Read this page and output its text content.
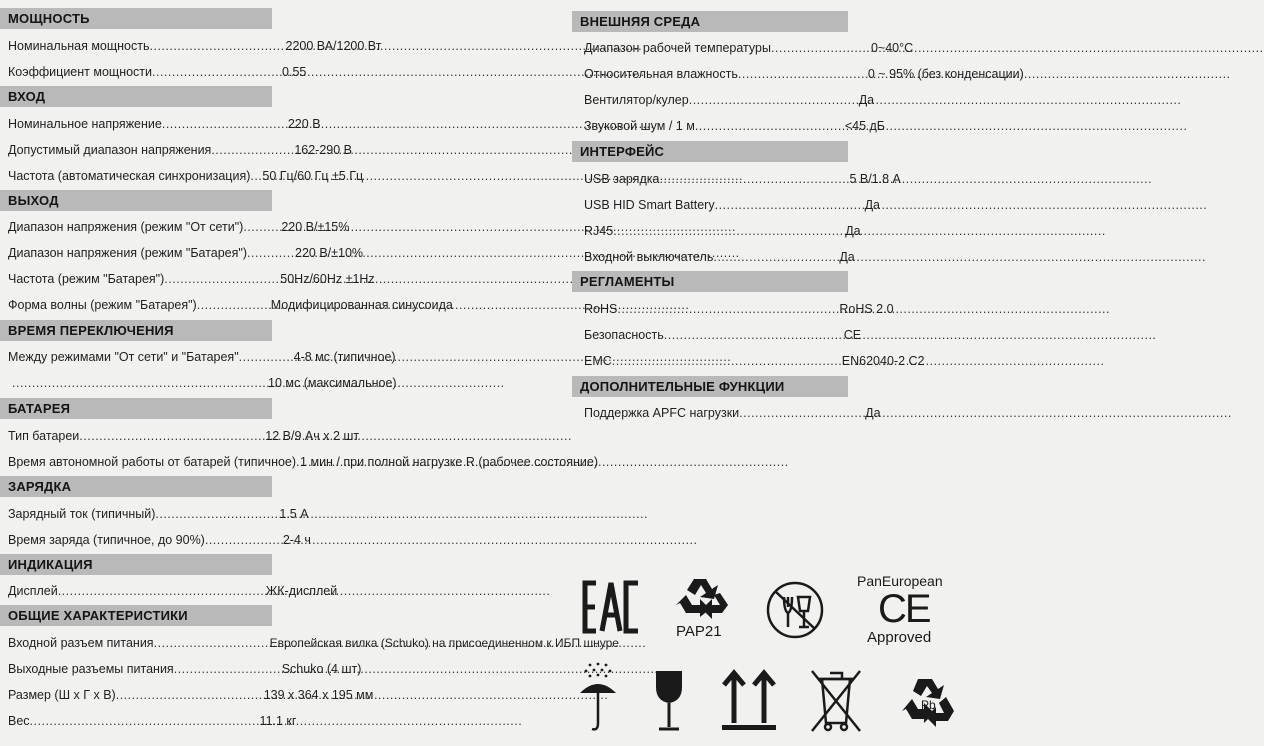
МОЩНОСТЬ
Номинальная мощность .....	2200 ВА/1200 Вт
Коэффициент мощности .....	0.55
ВХОД
Номинальное напряжение .....	220 В
Допустимый диапазон напряжения .....	162-290 В
Частота (автоматическая синхронизация) ..... 50 Гц/60 Гц ±5 Гц
ВЫХОД
Диапазон напряжения (режим "От сети") .....	220 В/±15%
Диапазон напряжения (режим "Батарея") .....	220 В/±10%
Частота (режим "Батарея") .....	50Hz/60Hz ±1Hz
Форма волны (режим "Батарея") .....	Модифицированная синусоида
ВРЕМЯ ПЕРЕКЛЮЧЕНИЯ
Между режимами "От сети" и "Батарея" .....	4-8 мс (типичное)
.....
10 мс (максимальное)
БАТАРЕЯ
Тип батареи .....	12 В/9 Ач х 2 шт
Время автономной работы от батарей (типичное) ..... 1 мин / при полной нагрузке R (рабочее состояние)
ЗАРЯДКА
Зарядный ток (типичный) .....	1.5 А
Время заряда (типичное, до 90%) .....	2-4 ч
ИНДИКАЦИЯ
Дисплей .....	ЖК-дисплей
ОБЩИЕ ХАРАКТЕРИСТИКИ
Входной разъем питания .....	Европейская вилка (Schuko) на присоединенном к ИБП шнуре
Выходные разъемы питания .....	Schuko (4 шт)
Размер (Ш х Г х В) .....	139 х 364 х 195 мм
Вес .....	11.1 кг
ВНЕШНЯЯ СРЕДА
Диапазон рабочей температуры .....	0~40°С
Относительная влажность .....	0 ~ 95% (без конденсации)
Вентилятор/кулер .....	Да
Звуковой шум / 1 м .....	<45 дБ
ИНТЕРФЕЙС
USB зарядка .....	5 В/1.8 А
USB HID Smart Battery .....	Да
RJ45 .....	Да
Входной выключатель .....	Да
РЕГЛАМЕНТЫ
RoHS .....	RoHS 2.0
Безопасность .....	CE
EMC .....	EN62040-2 C2
ДОПОЛНИТЕЛЬНЫЕ ФУНКЦИИ
Поддержка APFC нагрузки .....	Да
PAP21
PanEuropean
CE
Approved
Pb
